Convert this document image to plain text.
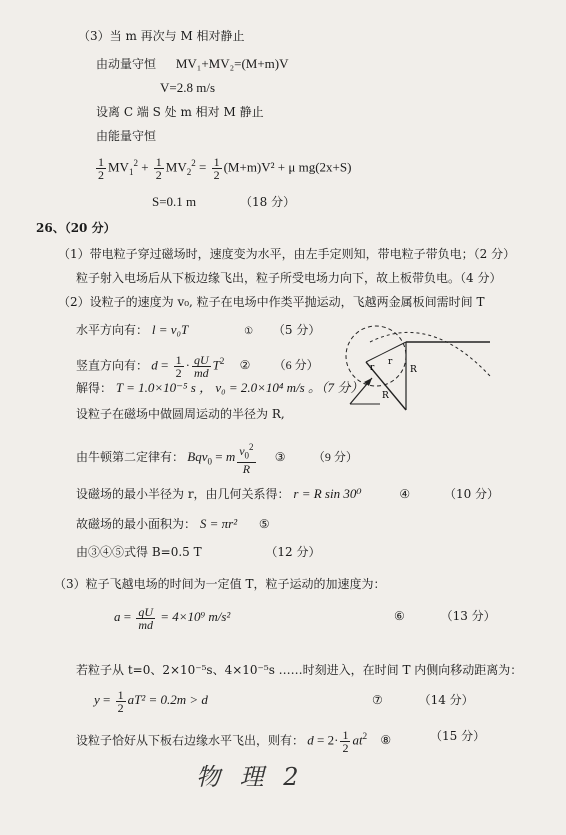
（3）当 m 再次与 M 相对静止
由动量守恒 MV₁+MV₂=(M+m)V
V=2.8 m/s
设离 C 端 S 处 m 相对 M 静止
由能量守恒
$\frac{1}{2} MV_1^2 + \frac{1}{2} MV_2^2 = \frac{1}{2} (M+m)V^2 + \mu$ mg(2x+S)
S=0.1 m	（18 分）
26、（20 分）
（1）带电粒子穿过磁场时，速度变为水平，由左手定则知，带电粒子带负电；（2 分）
粒子射入电场后从下板边缘飞出，粒子所受电场力向下，故上板带负电。（4 分）
（2）设粒子的速度为 v₀, 粒子在电场中作类平抛运动，飞越两金属板间需时间 T
水平方向有： l = v₀T	① （5 分）
竖直方向有： $d = \frac{1}{2} \cdot \frac{qU}{md} T^2$ ② （6 分）
解得： T = 1.0×10⁻⁵ s ， v₀ = 2.0×10⁴ m/s 。（7 分）
设粒子在磁场中做圆周运动的半径为 R,
由牛顿第二定律有： Bqv$_0$ = m $\frac{v_0^2}{R}$ ③ （9 分）
设磁场的最小半径为 r，由几何关系得： r = R sin 30⁰	④	（10 分）
故磁场的最小面积为： S = πr² ⑤
由③④⑤式得 B=0.5 T	（12 分）
r
r
R
R
（3）粒子飞越电场的时间为一定值 T，粒子运动的加速度为：
$a = \frac{qU}{md} = 4\times 10^9$ m/s²	⑥	（13 分）
若粒子从 t=0、2×10⁻⁵s、4×10⁻⁵s ……时刻进入，在时间 T 内侧向移动距离为：
$y = \frac{1}{2} aT^2 = 0.2m > d$	⑦	（14 分）
设粒子恰好从下板右边缘水平飞出，则有： $d = 2\cdot \frac{1}{2} at^2$ ⑧	（15 分）
物 理 2
